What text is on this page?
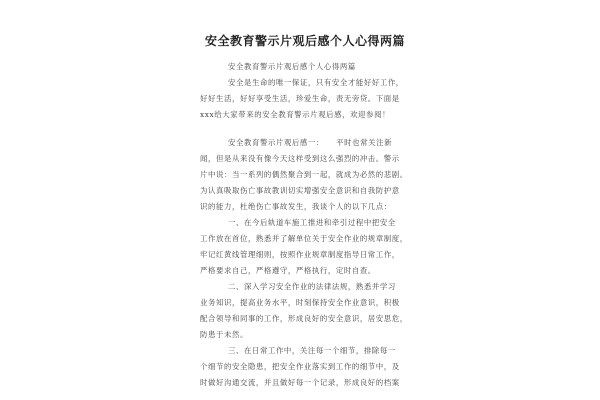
安全教育警示片观后感个人心得两篇

安全教育警示片观后感个人心得两篇

安全是生命的唯一保证，只有安全才能好好工作，

好好生活，好好享受生活，珍爱生命，责无旁贷。下面是

xxx给大家带来的安全教育警示片观后感，欢迎参阅！

安全教育警示片观后感一：　　平时也常关注新

闻，但是从来没有像今天这样受到这么强烈的冲击。警示

片中说：当一系列的偶然聚合到一起，就成为必然的悲剧。

为认真吸取伤亡事故教训切实增强安全意识和自我防护意

识的能力，杜绝伤亡事故发生，我谈个人的以下几点：

一、在今后轨道车施工推进和牵引过程中把安全

工作放在首位，熟悉并了解单位关于安全作业的规章制度，

牢记红黄线管理细则，按照作业规章制度指导日常工作，

严格要求自己，严格遵守，严格执行，定时自查。

二、深入学习安全作业的法律法规，熟悉并学习

业务知识，提高业务水平，时刻保持安全作业意识，积极

配合领导和同事的工作，形成良好的安全意识，居安思危，

防患于未然。

三、在日常工作中，关注每一个细节，排除每一

个细节的安全隐患，把安全作业落实到工作的细节中，及

时做好沟通交流，并且做好每一个记录，形成良好的档案
